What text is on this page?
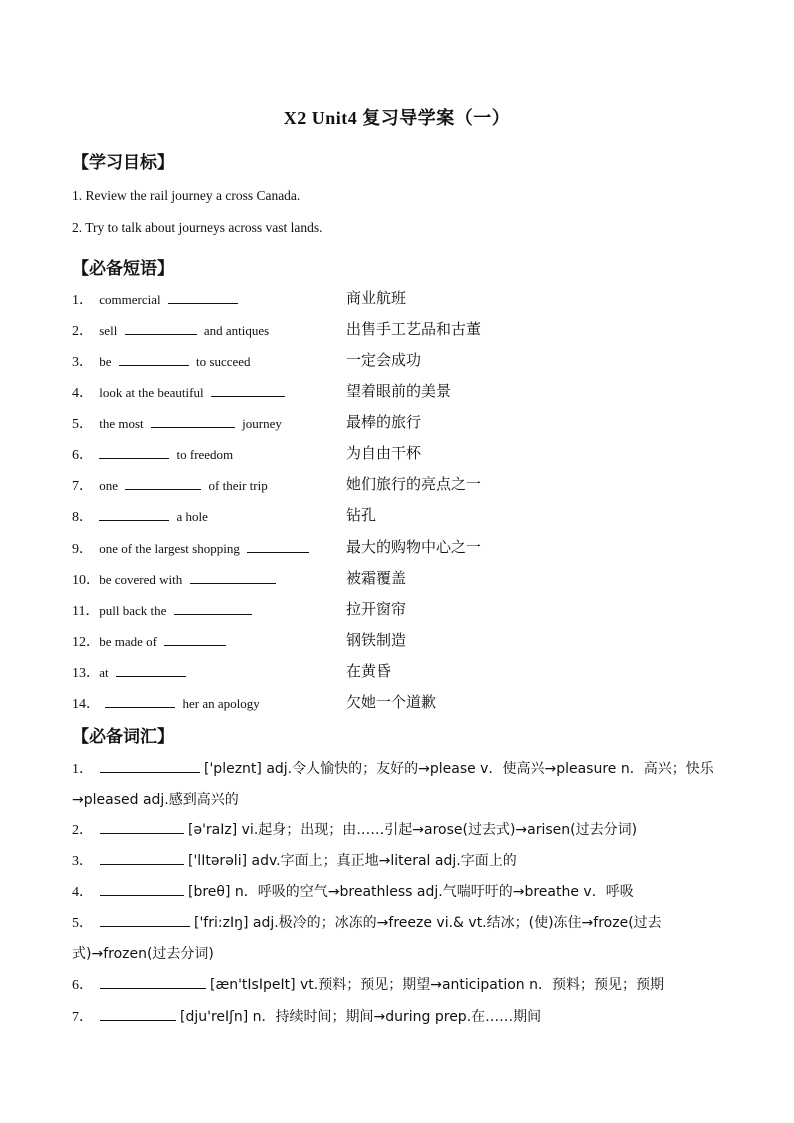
X2 Unit4 复习导学案（一）
【学习目标】
1. Review the rail journey a cross Canada.
2. Try to talk about journeys across vast lands.
【必备短语】
1． commercial	商业航班
2． sell	and antiques	出售手工艺品和古董
3． be	to succeed	一定会成功
4． look at the beautiful	望着眼前的美景
5． the most	journey	最棒的旅行
6．	to freedom	为自由干杯
7． one	of their trip	她们旅行的亮点之一
8．	a hole	钻孔
9． one of the largest shopping	最大的购物中心之一
10． be covered with	被霜覆盖
11． pull back the	拉开窗帘
12． be made of	钢铁制造
13． at	在黄昏
14．	her an apology	欠她一个道歉
【必备词汇】
1．	['pleznt] adj.令人愉快的；友好的→please v．使高兴→pleasure n．高兴；快乐→pleased adj.感到高兴的
2．	[ə'raIz] vi.起身；出现；由……引起→arose(过去式)→arisen(过去分词)
3．	['lItərəli] adv.字面上；真正地→literal adj.字面上的
4．	[breθ] n．呼吸的空气→breathless adj.气喘吁吁的→breathe v．呼吸
5．	['fri:zIŋ] adj.极冷的；冰冻的→freeze vi.& vt.结冰；(使)冻住→froze(过去式)→frozen(过去分词)
6．	[æn'tIsIpeIt] vt.预料；预见；期望→anticipation n．预料；预见；预期
7．	[dju'reIʃn] n．持续时间；期间→during prep.在……期间
